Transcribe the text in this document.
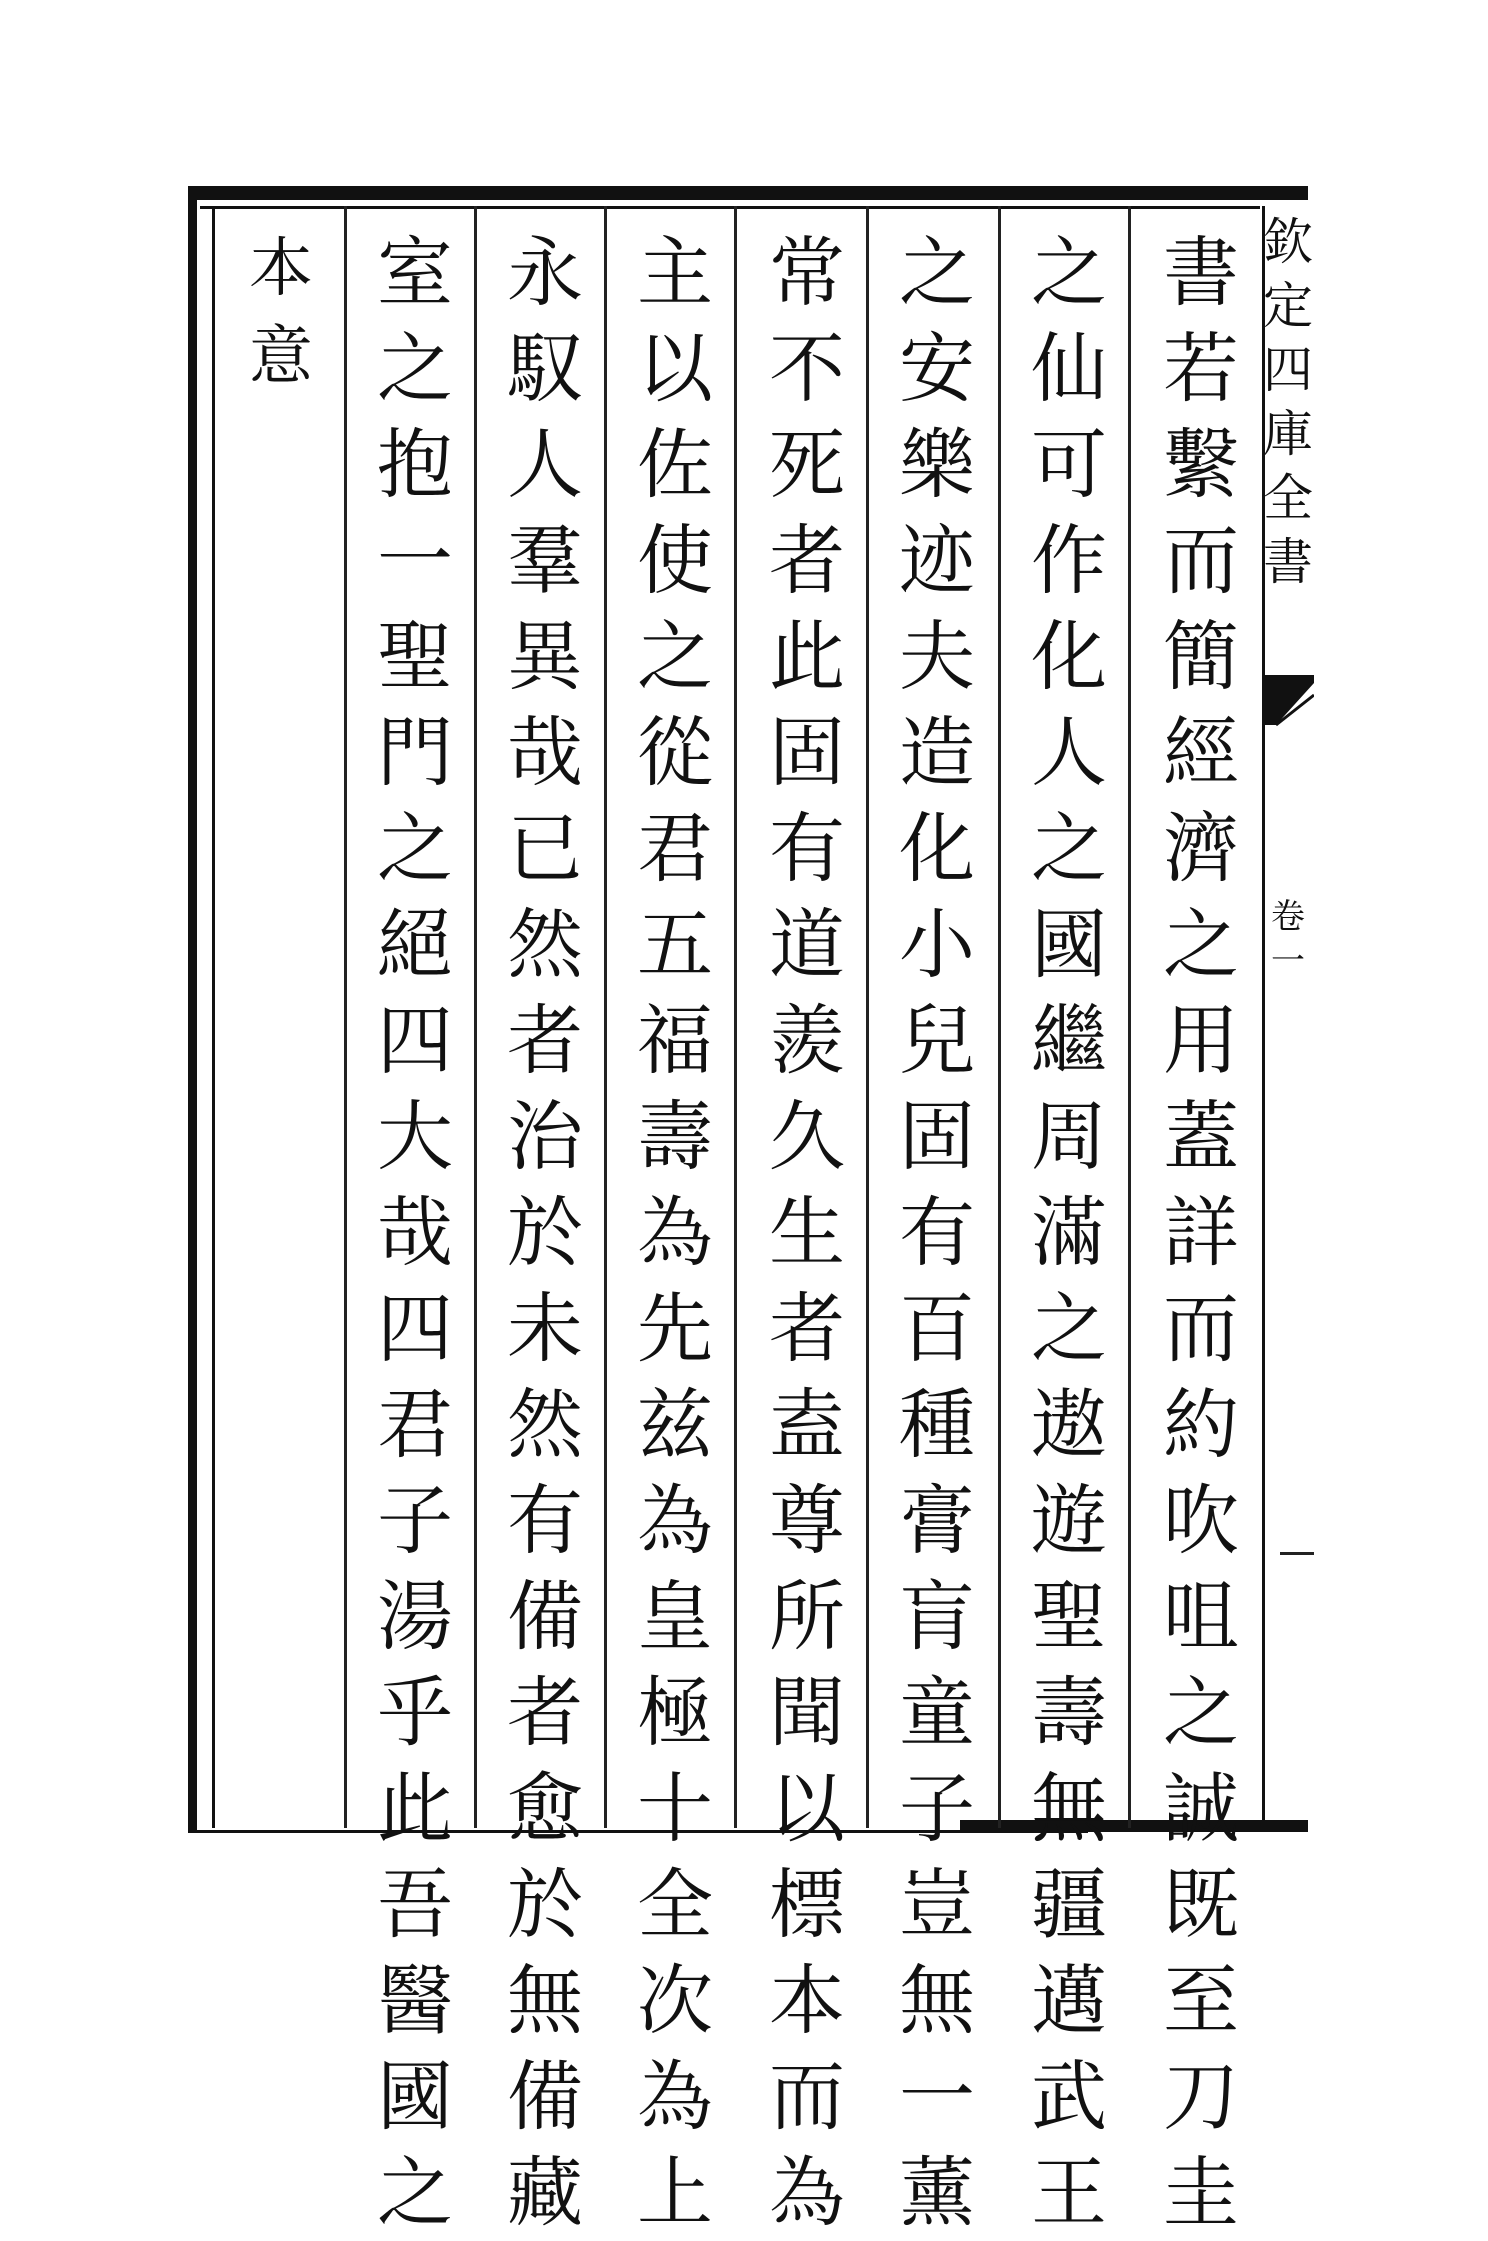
書
若
繫
而
簡
經
濟
之
用
蓋
詳
而
約
吹
咀
之
誠
既
至
刀
圭
之
仙
可
作
化
人
之
國
繼
周
滿
之
遨
遊
聖
壽
無
疆
邁
武
王
之
安
樂
迹
夫
造
化
小
兒
固
有
百
種
膏
肓
童
子
豈
無
一
薰
常
不
死
者
此
固
有
道
羨
久
生
者
盍
尊
所
聞
以
標
本
而
為
主
以
佐
使
之
從
君
五
福
壽
為
先
兹
為
皇
極
十
全
次
為
上
永
馭
人
羣
異
哉
已
然
者
治
於
未
然
有
備
者
愈
於
無
備
藏
室
之
抱
一
聖
門
之
絕
四
大
哉
四
君
子
湯
乎
此
吾
醫
國
之
本
意
欽
定
四
庫
全
書
卷
一
